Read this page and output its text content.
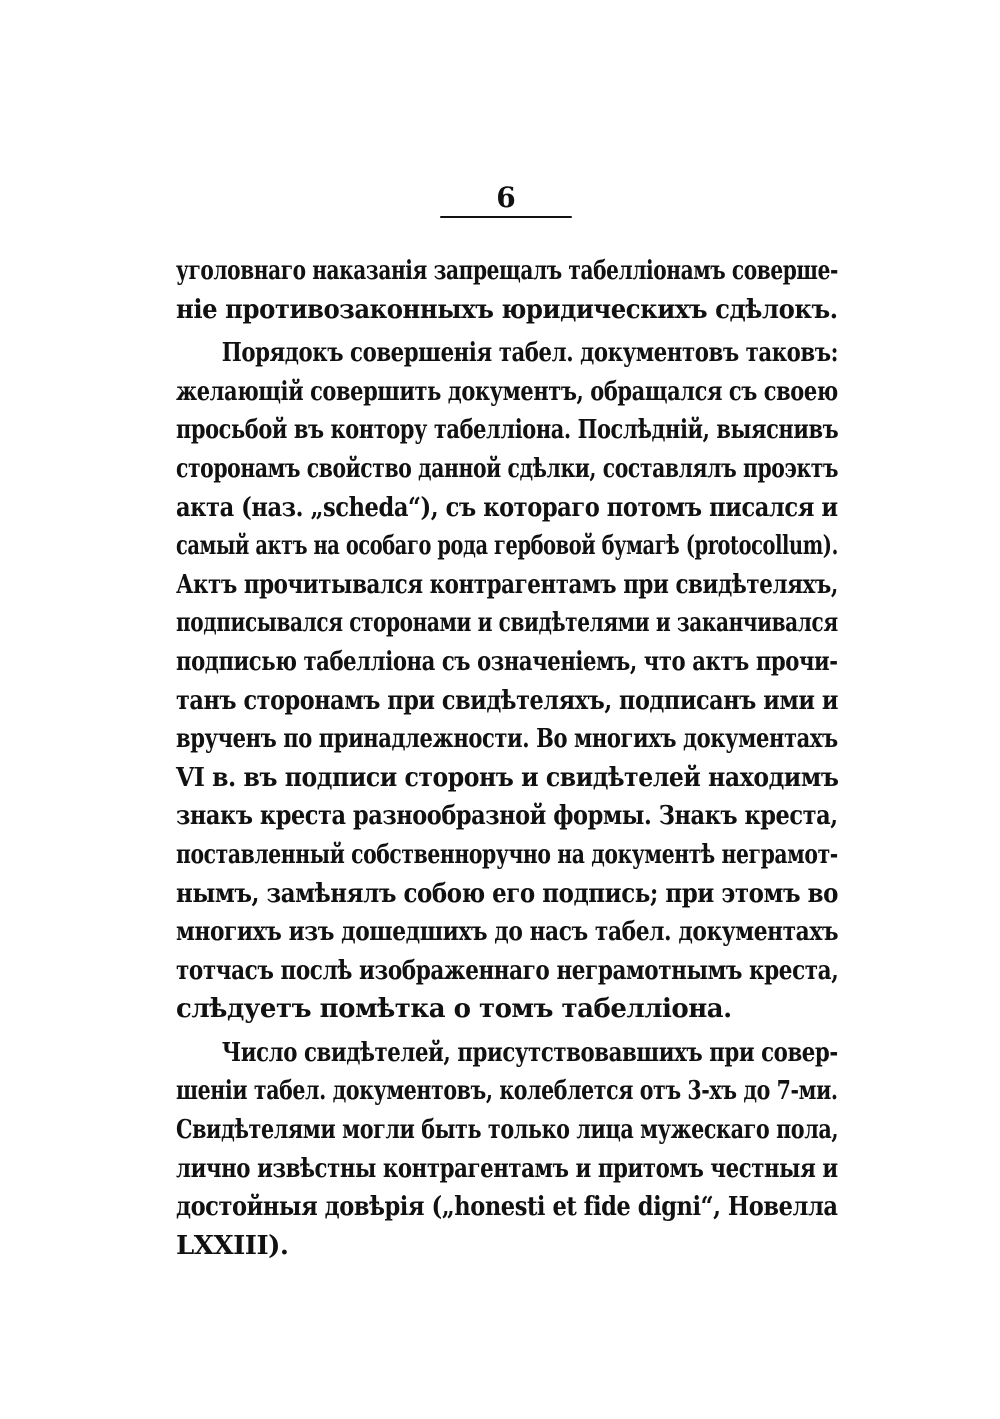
6
уголовнаго наказанія запрещалъ табелліонамъ соверше-
ніе противозаконныхъ юридическихъ сдѣлокъ.
Порядокъ совершенія табел. документовъ таковъ:
желающій совершить документъ, обращался съ своею
просьбой въ контору табелліона. Послѣдній, выяснивъ
сторонамъ свойство данной сдѣлки, составлялъ проэктъ
акта (наз. „scheda“), съ котораго потомъ писался и
самый актъ на особаго рода гербовой бумагѣ (protocollum).
Актъ прочитывался контрагентамъ при свидѣтеляхъ,
подписывался сторонами и свидѣтелями и заканчивался
подписью табелліона съ означеніемъ, что актъ прочи-
танъ сторонамъ при свидѣтеляхъ, подписанъ ими и
врученъ по принадлежности. Во многихъ документахъ
VI в. въ подписи сторонъ и свидѣтелей находимъ
знакъ креста разнообразной формы. Знакъ креста,
поставленный собственноручно на документѣ неграмот-
нымъ, замѣнялъ собою его подпись; при этомъ во
многихъ изъ дошедшихъ до насъ табел. документахъ
тотчасъ послѣ изображеннаго неграмотнымъ креста,
слѣдуетъ помѣтка о томъ табелліона.
Число свидѣтелей, присутствовавшихъ при совер-
шеніи табел. документовъ, колеблется отъ 3-хъ до 7-ми.
Свидѣтелями могли быть только лица мужескаго пола,
лично извѣстны контрагентамъ и притомъ честныя и
достойныя довѣрія („honesti et fide digni“, Новелла
LXXIII).
